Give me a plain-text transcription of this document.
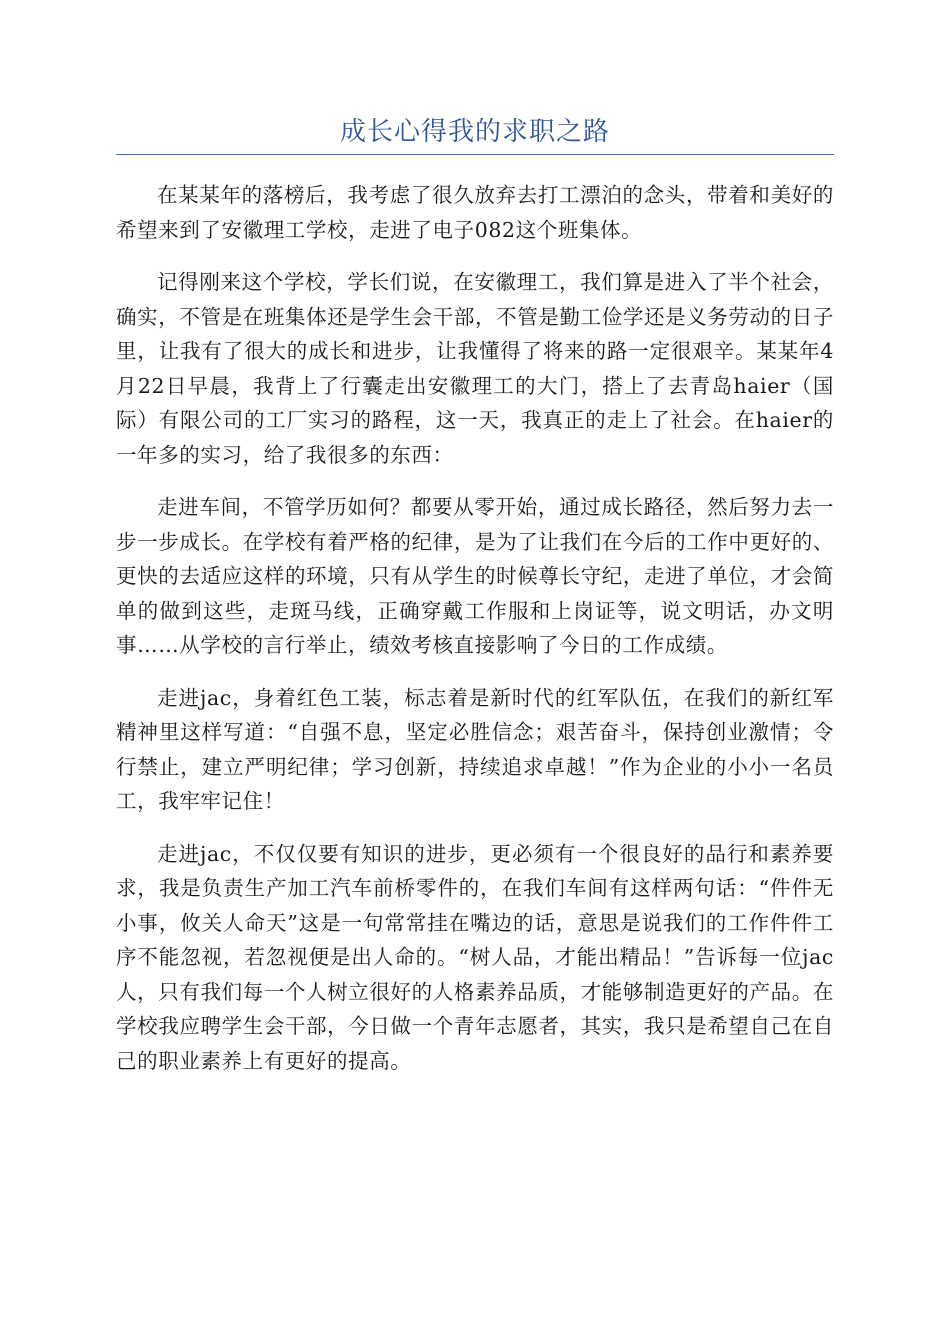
成长心得我的求职之路

在某某年的落榜后，我考虑了很久放弃去打工漂泊的念头，带着和美好的希望来到了安徽理工学校，走进了电子082这个班集体。

记得刚来这个学校，学长们说，在安徽理工，我们算是进入了半个社会，确实，不管是在班集体还是学生会干部，不管是勤工俭学还是义务劳动的日子里，让我有了很大的成长和进步，让我懂得了将来的路一定很艰辛。某某年4月22日早晨，我背上了行囊走出安徽理工的大门，搭上了去青岛haier（国际）有限公司的工厂实习的路程，这一天，我真正的走上了社会。在haier的一年多的实习，给了我很多的东西：

走进车间，不管学历如何？都要从零开始，通过成长路径，然后努力去一步一步成长。在学校有着严格的纪律，是为了让我们在今后的工作中更好的、更快的去适应这样的环境，只有从学生的时候尊长守纪，走进了单位，才会简单的做到这些，走斑马线，正确穿戴工作服和上岗证等，说文明话，办文明事……从学校的言行举止，绩效考核直接影响了今日的工作成绩。

走进jac，身着红色工装，标志着是新时代的红军队伍，在我们的新红军精神里这样写道：“自强不息，坚定必胜信念；艰苦奋斗，保持创业激情；令行禁止，建立严明纪律；学习创新，持续追求卓越！”作为企业的小小一名员工，我牢牢记住！

走进jac，不仅仅要有知识的进步，更必须有一个很良好的品行和素养要求，我是负责生产加工汽车前桥零件的，在我们车间有这样两句话：“件件无小事，攸关人命天”这是一句常常挂在嘴边的话，意思是说我们的工作件件工序不能忽视，若忽视便是出人命的。“树人品，才能出精品！”告诉每一位jac人，只有我们每一个人树立很好的人格素养品质，才能够制造更好的产品。在学校我应聘学生会干部，今日做一个青年志愿者，其实，我只是希望自己在自己的职业素养上有更好的提高。
